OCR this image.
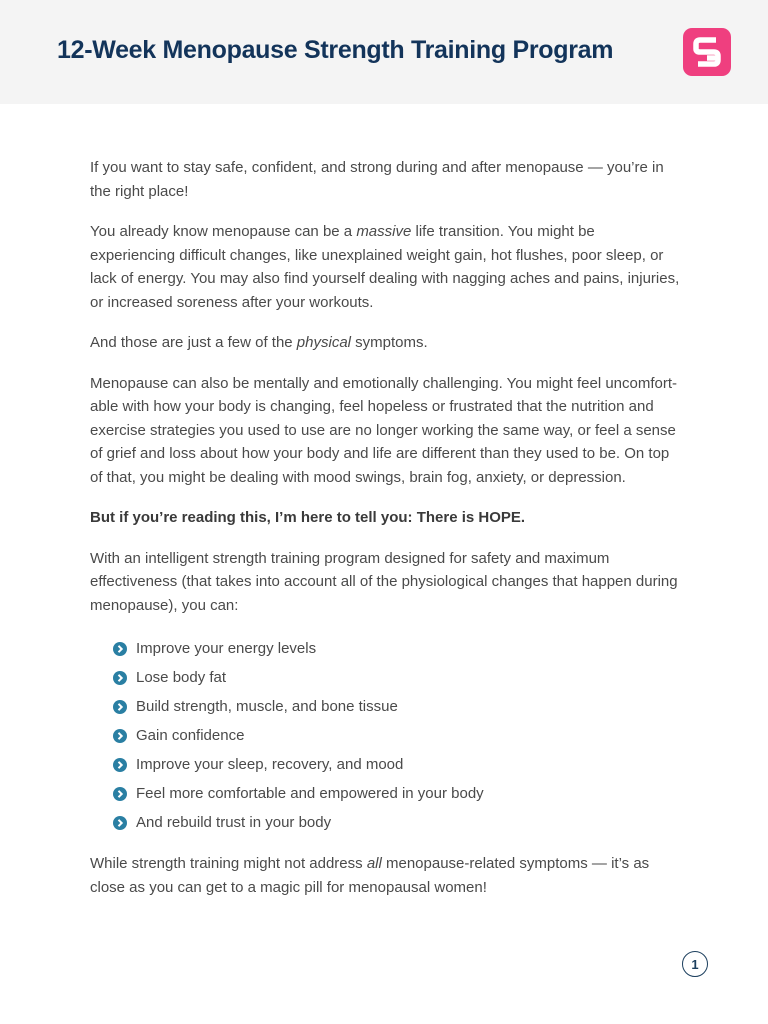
12-Week Menopause Strength Training Program

If you want to stay safe, confident, and strong during and after menopause — you’re in the right place!

You already know menopause can be a massive life transition. You might be experiencing difficult changes, like unexplained weight gain, hot flushes, poor sleep, or lack of energy. You may also find yourself dealing with nagging aches and pains, injuries, or increased soreness after your workouts.

And those are just a few of the physical symptoms.

Menopause can also be mentally and emotionally challenging. You might feel uncomfort-able with how your body is changing, feel hopeless or frustrated that the nutrition and exercise strategies you used to use are no longer working the same way, or feel a sense of grief and loss about how your body and life are different than they used to be. On top of that, you might be dealing with mood swings, brain fog, anxiety, or depression.

But if you’re reading this, I’m here to tell you: There is HOPE.

With an intelligent strength training program designed for safety and maximum effectiveness (that takes into account all of the physiological changes that happen during menopause), you can:

Improve your energy levels
Lose body fat
Build strength, muscle, and bone tissue
Gain confidence
Improve your sleep, recovery, and mood
Feel more comfortable and empowered in your body
And rebuild trust in your body

While strength training might not address all menopause-related symptoms — it’s as close as you can get to a magic pill for menopausal women!

1
